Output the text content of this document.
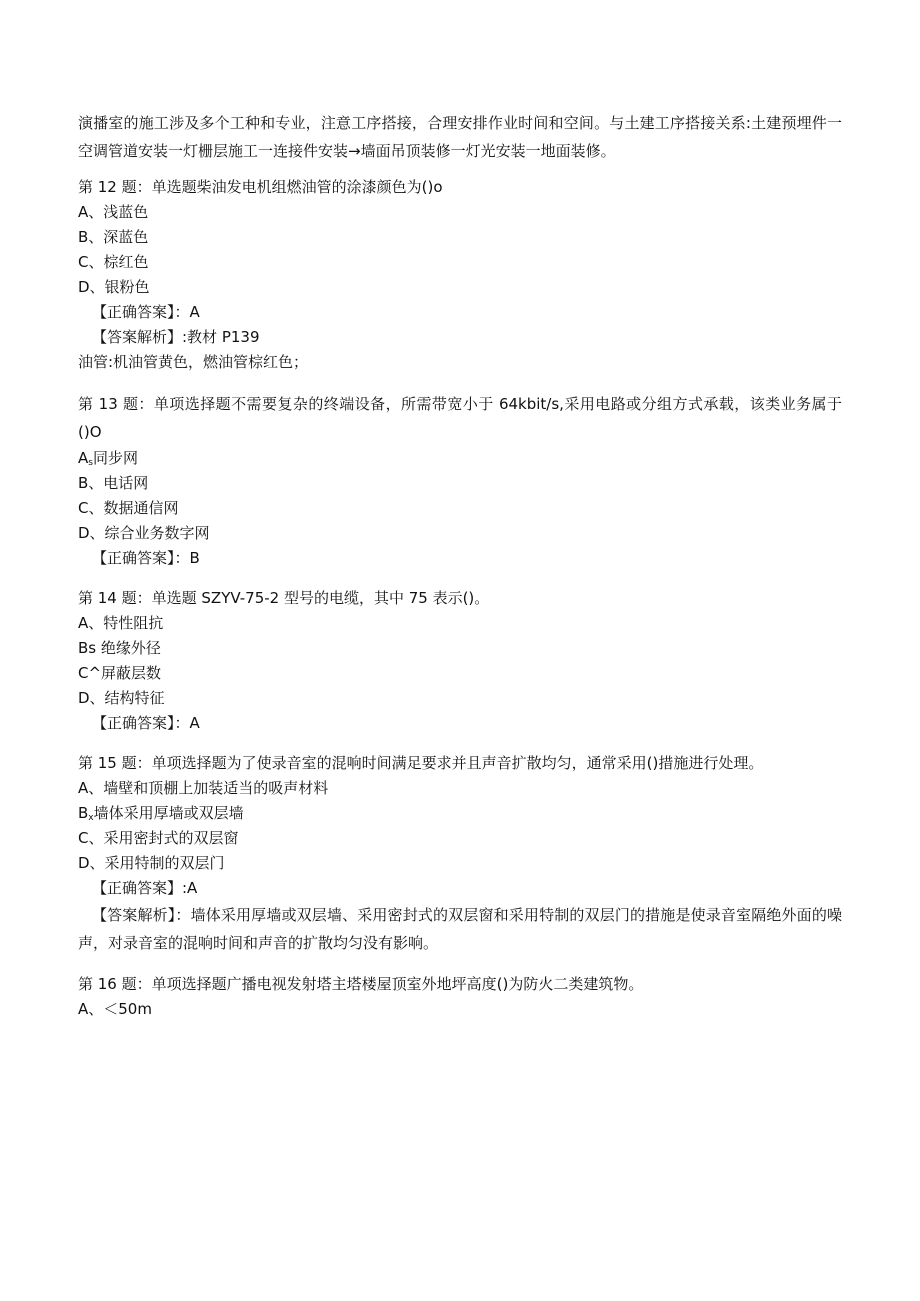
演播室的施工涉及多个工种和专业，注意工序搭接，合理安排作业时间和空间。与土建工序搭接关系:土建预埋件一空调管道安装一灯栅层施工一连接件安装→墙面吊顶装修一灯光安装一地面装修。
第 12 题：单选题柴油发电机组燃油管的涂漆颜色为()o
A、浅蓝色
B、深蓝色
C、棕红色
D、银粉色
【正确答案】：A
【答案解析】:教材 P139
油管:机油管黄色，燃油管棕红色；
第 13 题：单项选择题不需要复杂的终端设备，所需带宽小于 64kbit/s,采用电路或分组方式承载，该类业务属于()O
$A_s$同步网
B、电话网
C、数据通信网
D、综合业务数字网
【正确答案】：B
第 14 题：单选题 SZYV-75-2 型号的电缆，其中 75 表示()。
A、特性阻抗
Bs 绝缘外径
C^屏蔽层数
D、结构特征
【正确答案】：A
第 15 题：单项选择题为了使录音室的混响时间满足要求并且声音扩散均匀，通常采用()措施进行处理。
A、墙壁和顶棚上加装适当的吸声材料
$B_x$墙体采用厚墙或双层墙
C、采用密封式的双层窗
D、采用特制的双层门
【正确答案】:A
【答案解析】：墙体采用厚墙或双层墙、采用密封式的双层窗和采用特制的双层门的措施是使录音室隔绝外面的噪声，对录音室的混响时间和声音的扩散均匀没有影响。
第 16 题：单项选择题广播电视发射塔主塔楼屋顶室外地坪高度()为防火二类建筑物。
A、＜50m
